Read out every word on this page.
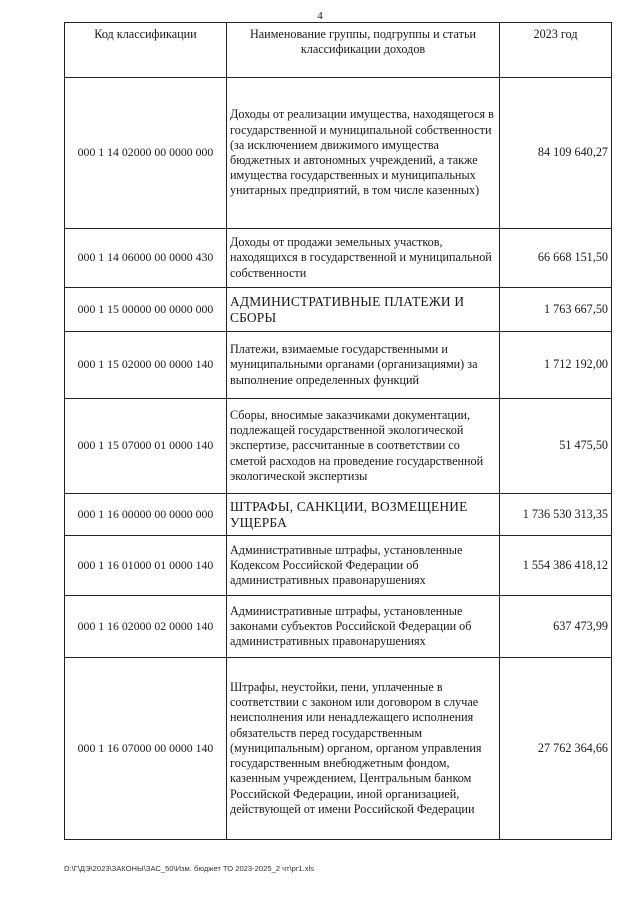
4
Код классификации	Наименование группы, подгруппы и статьи классификации доходов	2023 год
000 1 14 02000 00 0000 000	Доходы от реализации имущества, находящегося в государственной и муниципальной собственности (за исключением движимого имущества бюджетных и автономных учреждений, а также имущества государственных и муниципальных унитарных предприятий, в том числе казенных)	84 109 640,27
000 1 14 06000 00 0000 430	Доходы от продажи земельных участков, находящихся в государственной и муниципальной собственности	66 668 151,50
000 1 15 00000 00 0000 000	АДМИНИСТРАТИВНЫЕ ПЛАТЕЖИ И СБОРЫ	1 763 667,50
000 1 15 02000 00 0000 140	Платежи, взимаемые государственными и муниципальными органами (организациями) за выполнение определенных функций	1 712 192,00
000 1 15 07000 01 0000 140	Сборы, вносимые заказчиками документации, подлежащей государственной экологической экспертизе, рассчитанные в соответствии со сметой расходов на проведение государственной экологической экспертизы	51 475,50
000 1 16 00000 00 0000 000	ШТРАФЫ, САНКЦИИ, ВОЗМЕЩЕНИЕ УЩЕРБА	1 736 530 313,35
000 1 16 01000 01 0000 140	Административные штрафы, установленные Кодексом Российской Федерации об административных правонарушениях	1 554 386 418,12
000 1 16 02000 02 0000 140	Административные штрафы, установленные законами субъектов Российской Федерации об административных правонарушениях	637 473,99
000 1 16 07000 00 0000 140	Штрафы, неустойки, пени, уплаченные в соответствии с законом или договором в случае неисполнения или ненадлежащего исполнения обязательств перед государственным (муниципальным) органом, органом управления государственным внебюджетным фондом, казенным учреждением, Центральным банком Российской Федерации, иной организацией, действующей от имени Российской Федерации	27 762 364,66
D:\Г\ДЭ\2023\ЗАКОНЫ\ЗАС_50\Изм. бюджет ТО 2023-2025_2 чт\pr1.xls
